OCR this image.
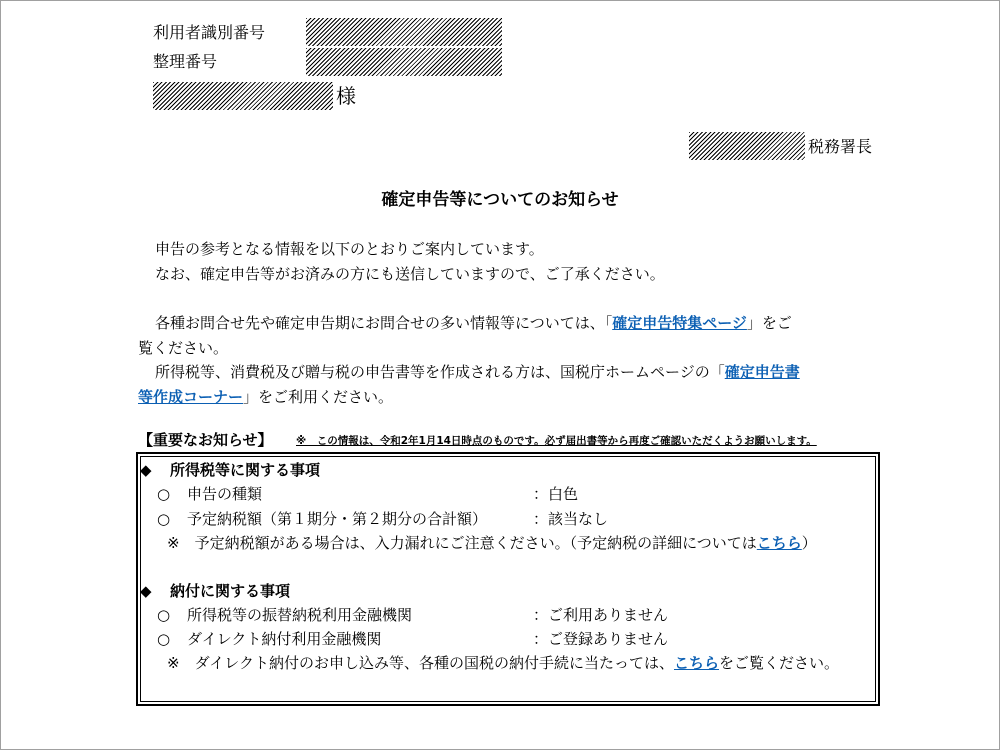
利用者識別番号
整理番号
様
税務署長
確定申告等についてのお知らせ
申告の参考となる情報を以下のとおりご案内しています。
なお、確定申告等がお済みの方にも送信していますので、ご了承ください。
各種お問合せ先や確定申告期にお問合せの多い情報等については、「確定申告特集ページ」をご
覧ください。
所得税等、消費税及び贈与税の申告書等を作成される方は、国税庁ホームページの「確定申告書
等作成コーナー」をご利用ください。
【重要なお知らせ】 ※　この情報は、令和2年1月14日時点のものです。必ず届出書等から再度ご確認いただくようお願いします。
◆ 所得税等に関する事項
○ 申告の種類	：白色
○ 予定納税額（第１期分・第２期分の合計額）	：該当なし
※　予定納税額がある場合は、入力漏れにご注意ください。（予定納税の詳細についてはこちら）
◆ 納付に関する事項
○ 所得税等の振替納税利用金融機関	：ご利用ありません
○ ダイレクト納付利用金融機関	：ご登録ありません
※　ダイレクト納付のお申し込み等、各種の国税の納付手続に当たっては、こちらをご覧ください。
